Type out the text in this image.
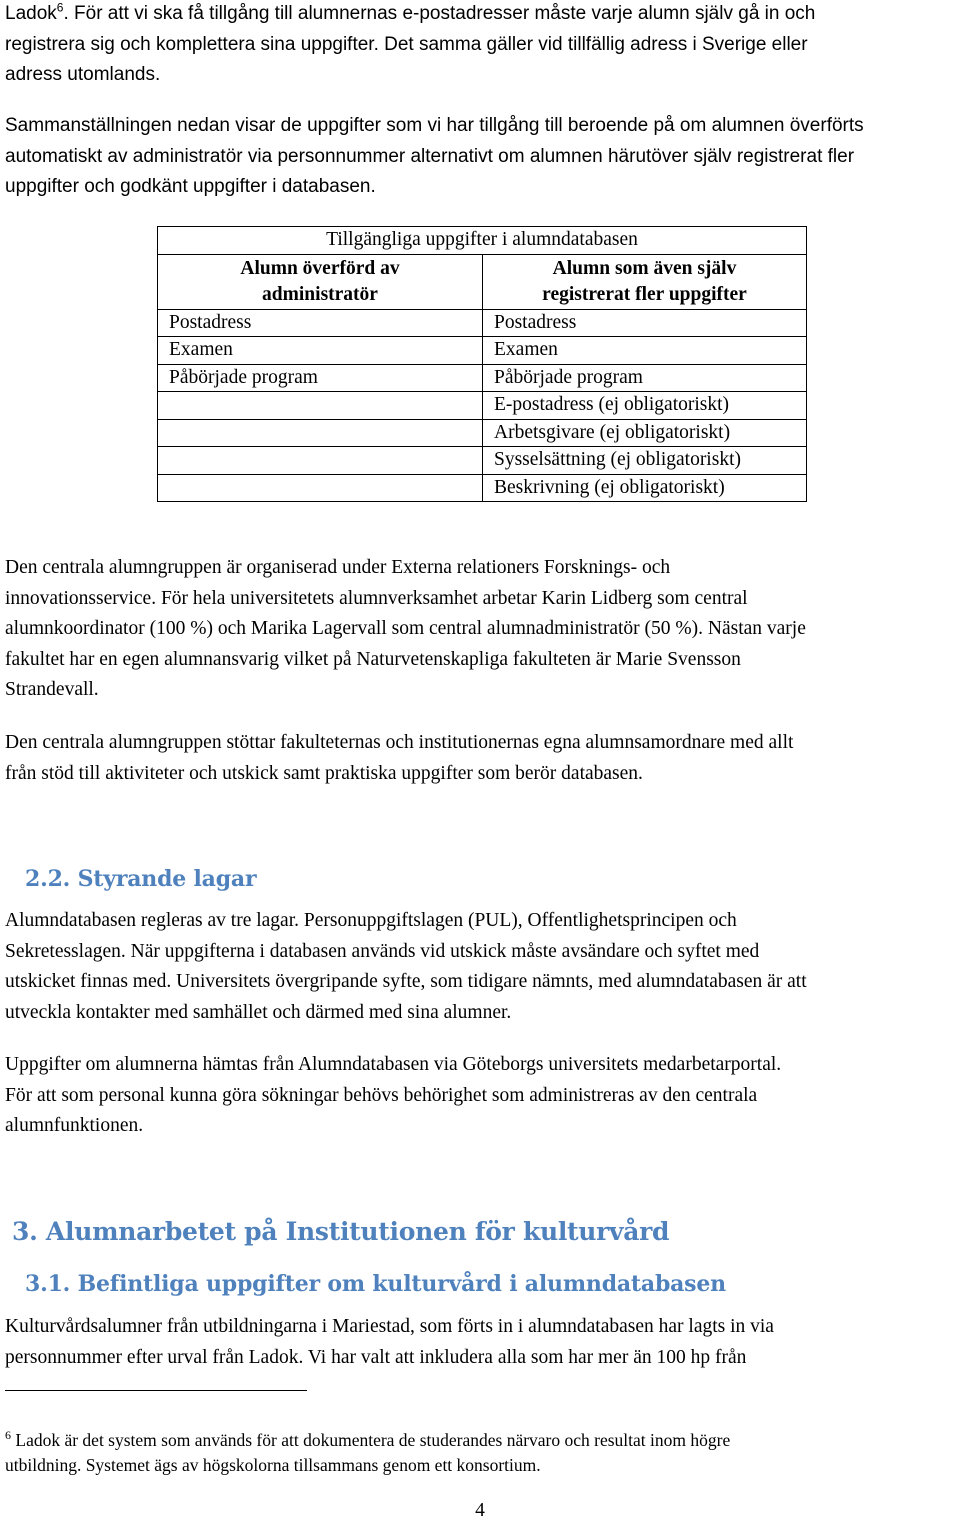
Ladok$^6$. För att vi ska få tillgång till alumnernas e-postadresser måste varje alumn själv gå in och
registrera sig och komplettera sina uppgifter. Det samma gäller vid tillfällig adress i Sverige eller
adress utomlands.

Sammanställningen nedan visar de uppgifter som vi har tillgång till beroende på om alumnen överförts
automatiskt av administratör via personnummer alternativt om alumnen härutöver själv registrerat fler
uppgifter och godkänt uppgifter i databasen.

Tillgängliga uppgifter i alumndatabasen	

Alumn överförd av
administratör	Alumn som även själv
registrerat fler uppgifter

Postadress	Postadress
Examen	Examen
Påbörjade program	Påbörjade program
	E-postadress (ej obligatoriskt)
	Arbetsgivare (ej obligatoriskt)
	Sysselsättning (ej obligatoriskt)
	Beskrivning (ej obligatoriskt)

Den centrala alumngruppen är organiserad under Externa relationers Forsknings- och
innovationsservice. För hela universitetets alumnverksamhet arbetar Karin Lidberg som central
alumnkoordinator (100 %) och Marika Lagervall som central alumnadministratör (50 %). Nästan varje
fakultet har en egen alumnansvarig vilket på Naturvetenskapliga fakulteten är Marie Svensson
Strandevall.

Den centrala alumngruppen stöttar fakulteternas och institutionernas egna alumnsamordnare med allt
från stöd till aktiviteter och utskick samt praktiska uppgifter som berör databasen.

2.2. Styrande lagar

Alumndatabasen regleras av tre lagar. Personuppgiftslagen (PUL), Offentlighetsprincipen och
Sekretesslagen. När uppgifterna i databasen används vid utskick måste avsändare och syftet med
utskicket finnas med. Universitets övergripande syfte, som tidigare nämnts, med alumndatabasen är att
utveckla kontakter med samhället och därmed med sina alumner.

Uppgifter om alumnerna hämtas från Alumndatabasen via Göteborgs universitets medarbetarportal.
För att som personal kunna göra sökningar behövs behörighet som administreras av den centrala
alumnfunktionen.

3. Alumnarbetet på Institutionen för kulturvård
3.1. Befintliga uppgifter om kulturvård i alumndatabasen

Kulturvårdsalumner från utbildningarna i Mariestad, som förts in i alumndatabasen har lagts in via
personnummer efter urval från Ladok. Vi har valt att inkludera alla som har mer än 100 hp från

$^6$ Ladok är det system som används för att dokumentera de studerandes närvaro och resultat inom högre
utbildning. Systemet ägs av högskolorna tillsammans genom ett konsortium.
4
